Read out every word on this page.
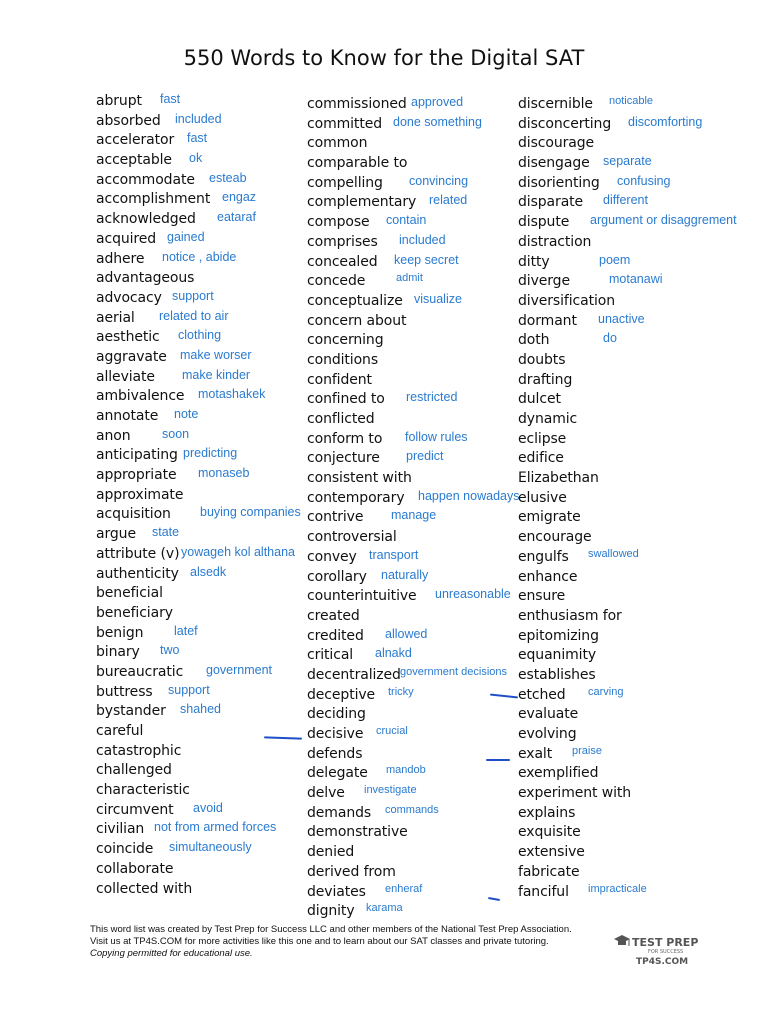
550 Words to Know for the Digital SAT
abrupt fast
absorbed included
accelerator fast
acceptable ok
accommodate esteab
accomplishment engaz
acknowledged eataraf
acquired gained
adhere notice , abide
advantageous
advocacy support
aerial related to air
aesthetic clothing
aggravate make worser
alleviate make kinder
ambivalence motashakek
annotate note
anon	soon
anticipating predicting
appropriate monaseb
approximate
acquisition buying companies
argue state
attribute (v) yowageh kol althana
authenticity alsedk
beneficial
beneficiary
benign latef
binary two
bureaucratic government
buttress support
bystander shahed
careful
catastrophic
challenged
characteristic
circumvent avoid
civilian not from armed forces
coincide simultaneously
collaborate
collected with
commissioned approved
committed done something
common
comparable to
compelling convincing
complementary related
compose contain
comprises included
concealed keep secret
concede	admit
conceptualize visualize
concern about
concerning
conditions
confident
confined to restricted
conflicted
conform to follow rules
conjecture predict
consistent with
contemporary happen nowadays
contrive manage
controversial
convey transport
corollary naturally
counterintuitive unreasonable
created
credited allowed
critical alnakd
decentralized government decisions
deceptive tricky
deciding
decisive crucial
defends
delegate mandob
delve investigate
demands commands
demonstrative
denied
derived from
deviates enheraf
dignity karama
discernible noticable
disconcerting discomforting
discourage
disengage separate
disorienting confusing
disparate different
dispute argument or disaggrement
distraction
ditty	poem
diverge	motanawi
diversification
dormant unactive
doth	do
doubts
drafting
dulcet
dynamic
eclipse
edifice
Elizabethan
elusive
emigrate
encourage
engulfs swallowed
enhance
ensure
enthusiasm for
epitomizing
equanimity
establishes
etched carving
evaluate
evolving
exalt praise
exemplified
experiment with
explains
exquisite
extensive
fabricate
fanciful impracticale
This word list was created by Test Prep for Success LLC and other members of the National Test Prep Association.
Visit us at TP4S.COM for more activities like this one and to learn about our SAT classes and private tutoring.
Copying permitted for educational use.
TEST PREP
FOR SUCCESS
TP4S.COM
